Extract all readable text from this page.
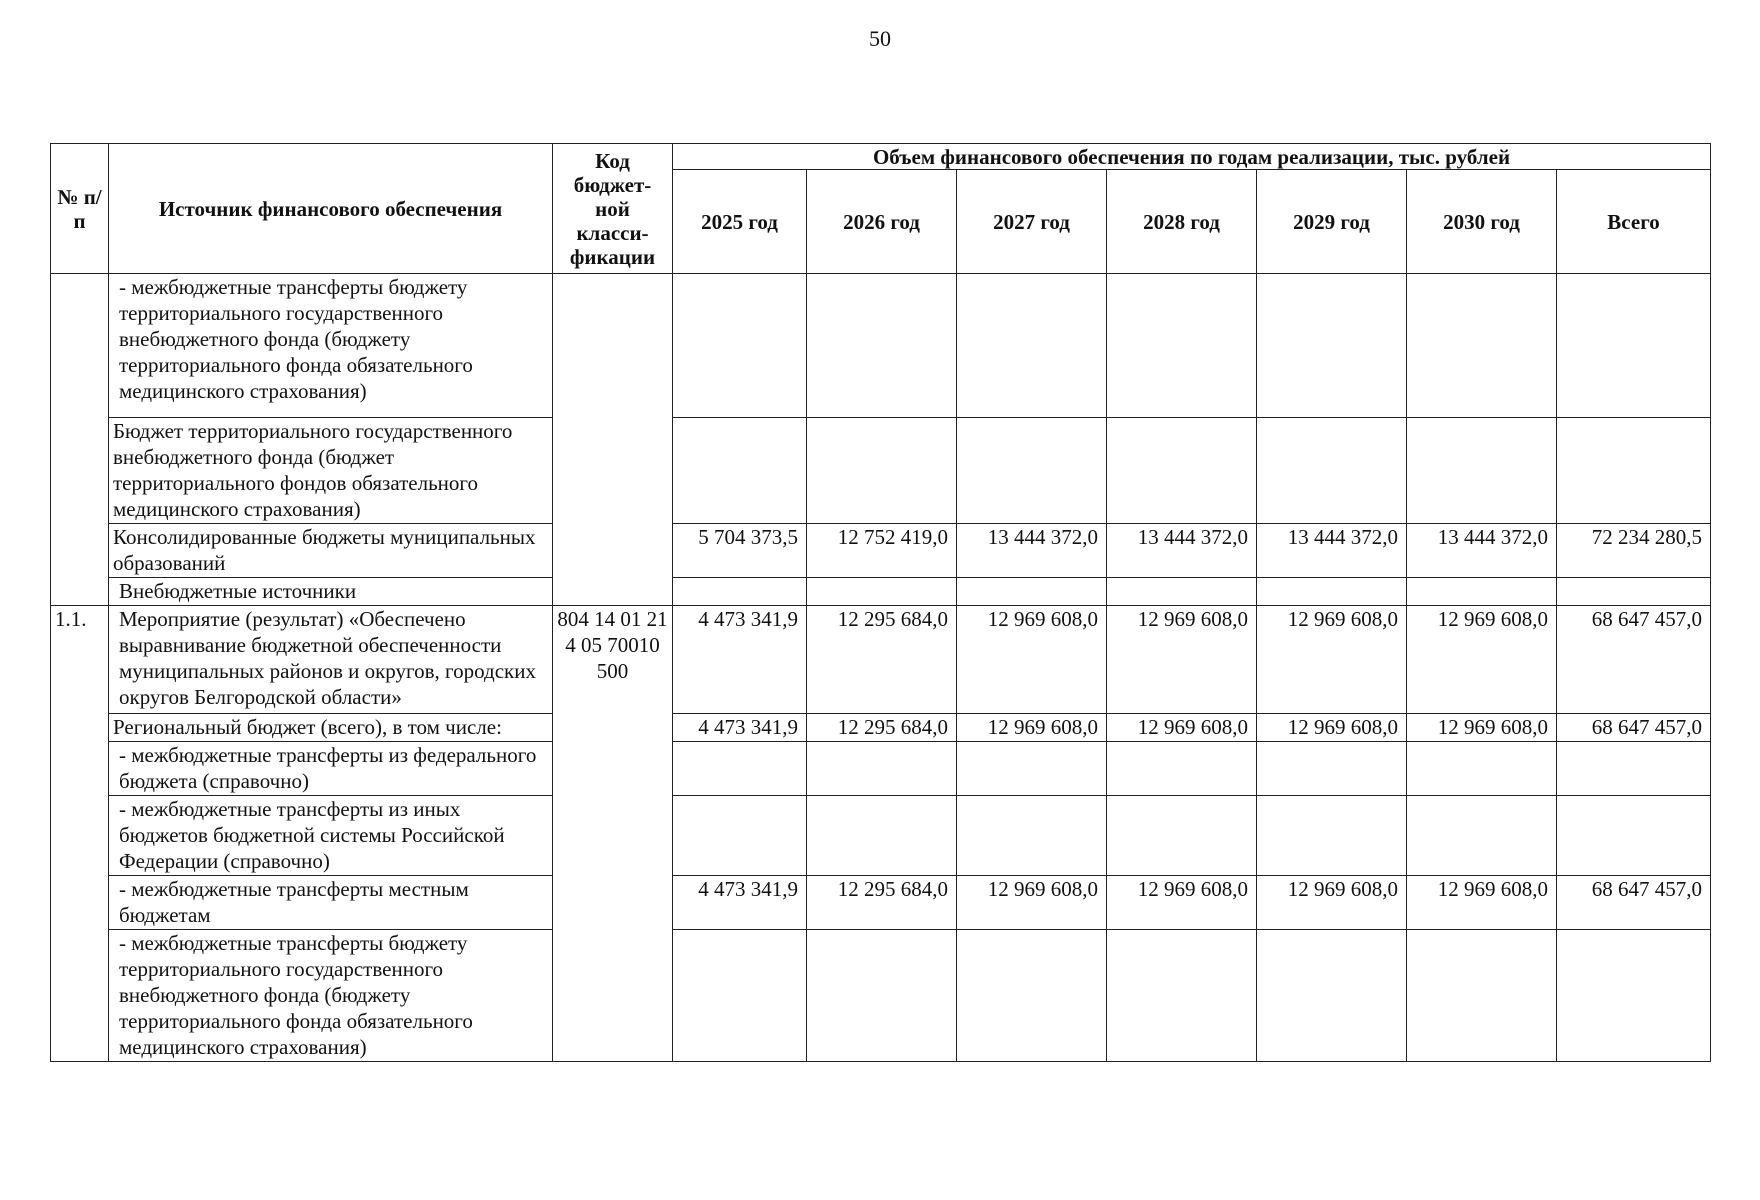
50
№ п/п	Источник финансового обеспечения	Код бюджет-ной класси-фикации	Объем финансового обеспечения по годам реализации, тыс. рублей						
			2025 год	2026 год	2027 год	2028 год	2029 год	2030 год	Всего
	- межбюджетные трансферты бюджету территориального государственного внебюджетного фонда (бюджету территориального фонда обязательного медицинского страхования)								
	Бюджет территориального государственного внебюджетного фонда (бюджет территориального фондов обязательного медицинского страхования)								
	Консолидированные бюджеты муниципальных образований		5 704 373,5	12 752 419,0	13 444 372,0	13 444 372,0	13 444 372,0	13 444 372,0	72 234 280,5
	Внебюджетные источники								
1.1.	Мероприятие (результат) «Обеспечено выравнивание бюджетной обеспеченности муниципальных районов и округов, городских округов Белгородской области»	804 14 01 21 4 05 70010 500	4 473 341,9	12 295 684,0	12 969 608,0	12 969 608,0	12 969 608,0	12 969 608,0	68 647 457,0
	Региональный бюджет (всего), в том числе:		4 473 341,9	12 295 684,0	12 969 608,0	12 969 608,0	12 969 608,0	12 969 608,0	68 647 457,0
	- межбюджетные трансферты из федерального бюджета (справочно)								
	- межбюджетные трансферты из иных бюджетов бюджетной системы Российской Федерации (справочно)								
	- межбюджетные трансферты местным бюджетам		4 473 341,9	12 295 684,0	12 969 608,0	12 969 608,0	12 969 608,0	12 969 608,0	68 647 457,0
	- межбюджетные трансферты бюджету территориального государственного внебюджетного фонда (бюджету территориального фонда обязательного медицинского страхования)								
